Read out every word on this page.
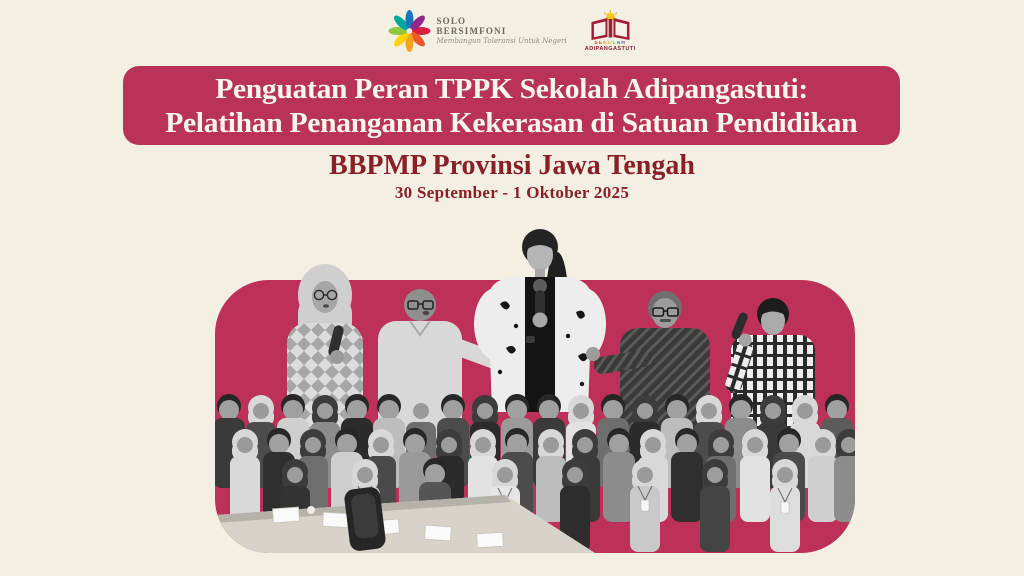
SOLO
BERSIMFONI
Membangun Toleransi Untuk Negeri	SEKOLAH
ADIPANGASTUTI
Penguatan Peran TPPK Sekolah Adipangastuti:
Pelatihan Penanganan Kekerasan di Satuan Pendidikan
BBPMP Provinsi Jawa Tengah
30 September - 1 Oktober 2025
